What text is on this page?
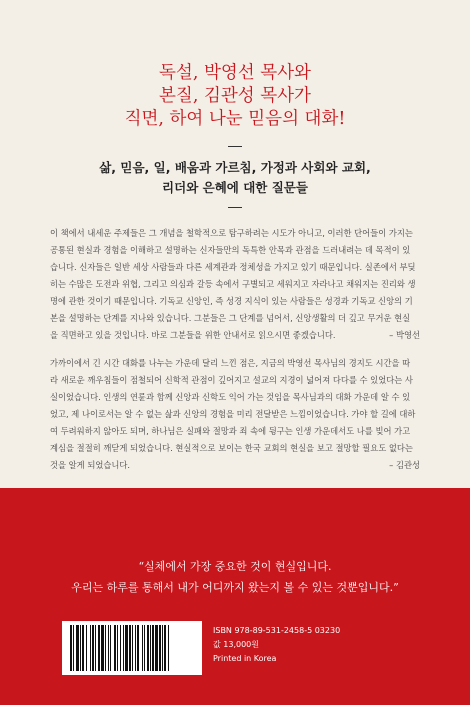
독설, 박영선 목사와
본질, 김관성 목사가
직면, 하여 나눈 믿음의 대화!
삶, 믿음, 일, 배움과 가르침, 가정과 사회와 교회,
리더와 은혜에 대한 질문들
이 책에서 내세운 주제들은 그 개념을 철학적으로 탐구하려는 시도가 아니고, 이러한 단어들이 가지는
공통된 현실과 경험을 이해하고 설명하는 신자들만의 독특한 안목과 관점을 드러내려는 데 목적이 있
습니다. 신자들은 일반 세상 사람들과 다른 세계관과 정체성을 가지고 있기 때문입니다. 실존에서 부딪
히는 수많은 도전과 위협, 그리고 의심과 갈등 속에서 구별되고 세워지고 자라나고 채워지는 진리와 생
명에 관한 것이기 때문입니다. 기독교 신앙인, 즉 성경 지식이 있는 사람들은 성경과 기독교 신앙의 기
본을 설명하는 단계를 지나와 있습니다. 그분들은 그 단계를 넘어서, 신앙생활의 더 깊고 무거운 현실
을 직면하고 있을 것입니다. 바로 그분들을 위한 안내서로 읽으시면 좋겠습니다.	– 박영선
가까이에서 긴 시간 대화를 나누는 가운데 달리 느낀 점은, 지금의 박영선 목사님의 경지도 시간을 따
라 새로운 깨우침들이 점철되어 신학적 관점이 깊어지고 설교의 지경이 넓어져 다다를 수 있었다는 사
실이었습니다. 인생의 연륜과 함께 신앙과 신학도 익어 가는 것임을 목사님과의 대화 가운데 알 수 있
었고, 제 나이로서는 알 수 없는 삶과 신앙의 경험을 미리 전달받은 느낌이었습니다. 가야 할 길에 대하
여 두려워하지 않아도 되며, 하나님은 실패와 절망과 죄 속에 뒹구는 인생 가운데서도 나를 빚어 가고
계심을 절절히 깨닫게 되었습니다. 현실적으로 보이는 한국 교회의 현실을 보고 절망할 필요도 없다는
것을 알게 되었습니다.	– 김관성
“실체에서 가장 중요한 것이 현실입니다.
우리는 하루를 통해서 내가 어디까지 왔는지 볼 수 있는 것뿐입니다.”
ISBN 978-89-531-2458-5 03230
값 13,000원
Printed in Korea
